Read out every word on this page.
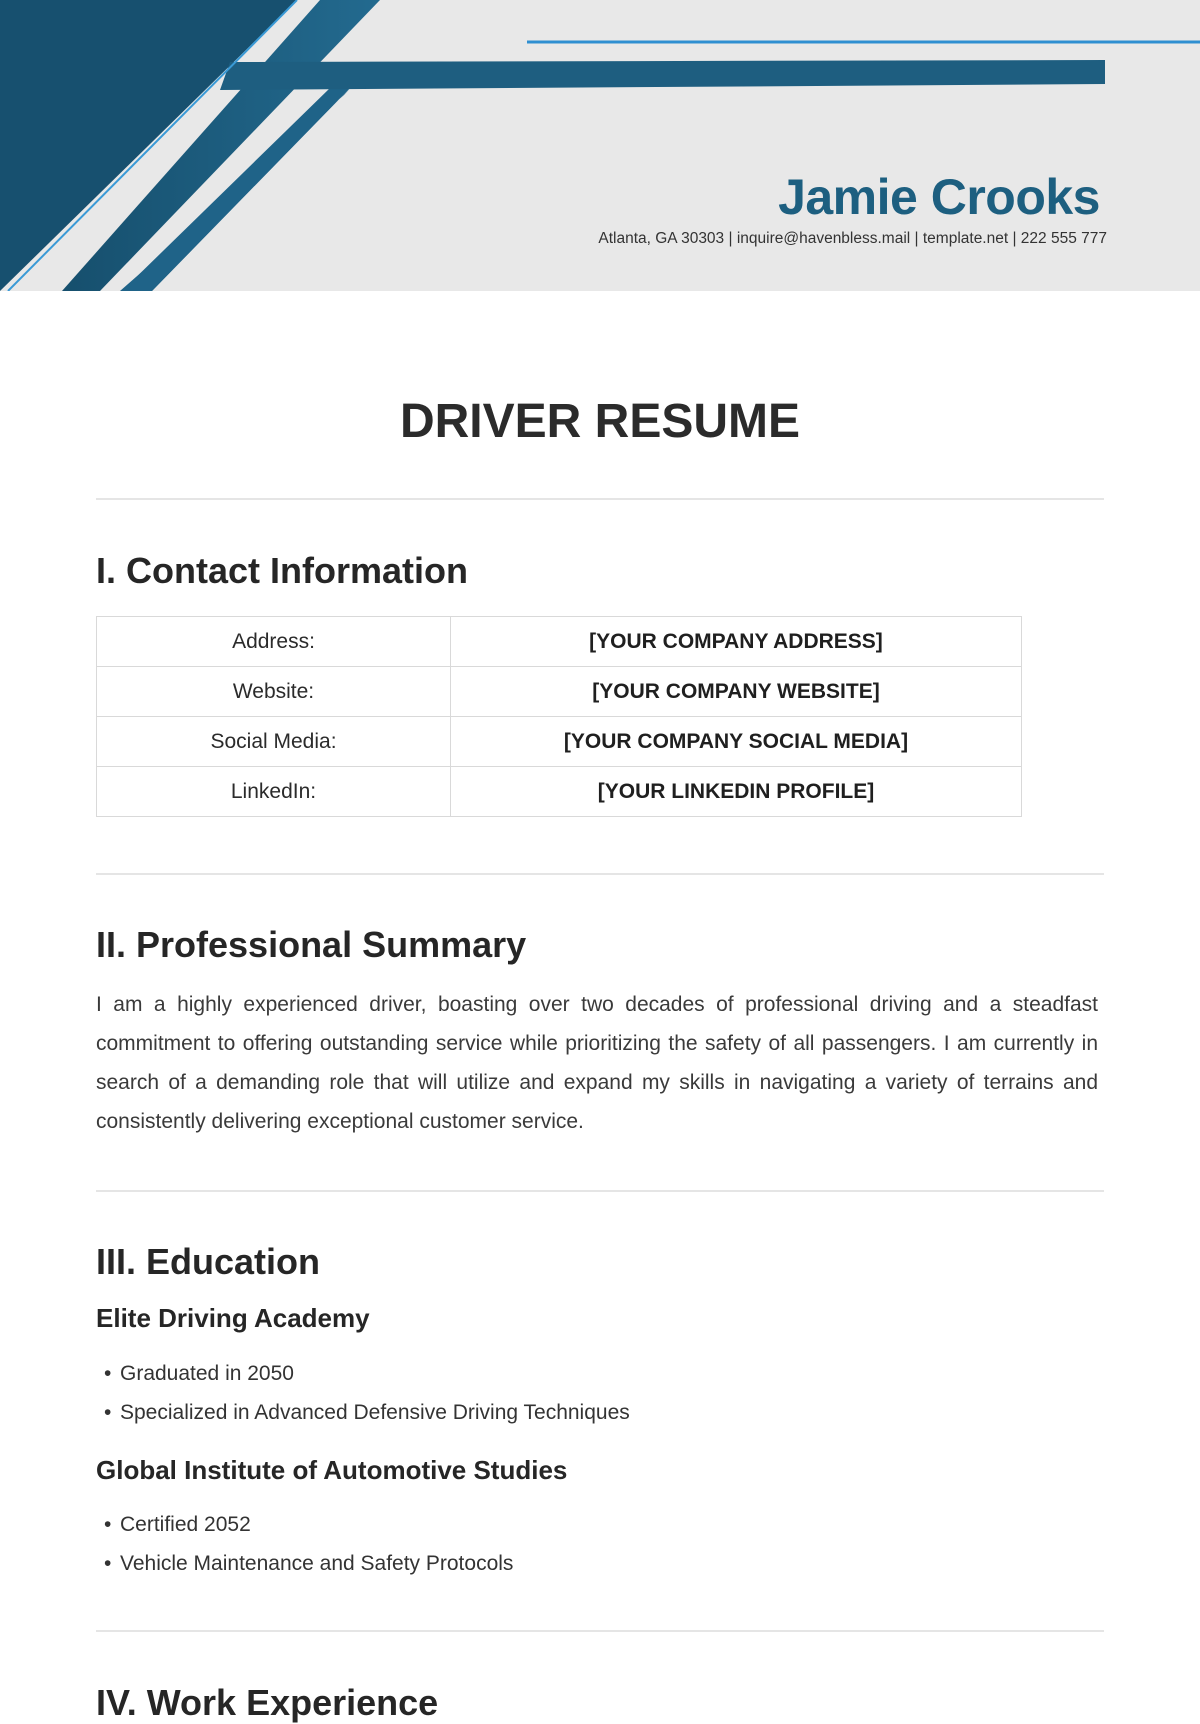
Jamie Crooks
Atlanta, GA 30303 | inquire@havenbless.mail | template.net | 222 555 777
DRIVER RESUME
I. Contact Information
Address:	[YOUR COMPANY ADDRESS]
Website:	[YOUR COMPANY WEBSITE]
Social Media:	[YOUR COMPANY SOCIAL MEDIA]
LinkedIn:	[YOUR LINKEDIN PROFILE]
II. Professional Summary

I am a highly experienced driver, boasting over two decades of professional driving and a steadfast commitment to offering outstanding service while prioritizing the safety of all passengers. I am currently in search of a demanding role that will utilize and expand my skills in navigating a variety of terrains and consistently delivering exceptional customer service.

III. Education
Elite Driving Academy
• Graduated in 2050
• Specialized in Advanced Defensive Driving Techniques
Global Institute of Automotive Studies
• Certified 2052
• Vehicle Maintenance and Safety Protocols
IV. Work Experience
